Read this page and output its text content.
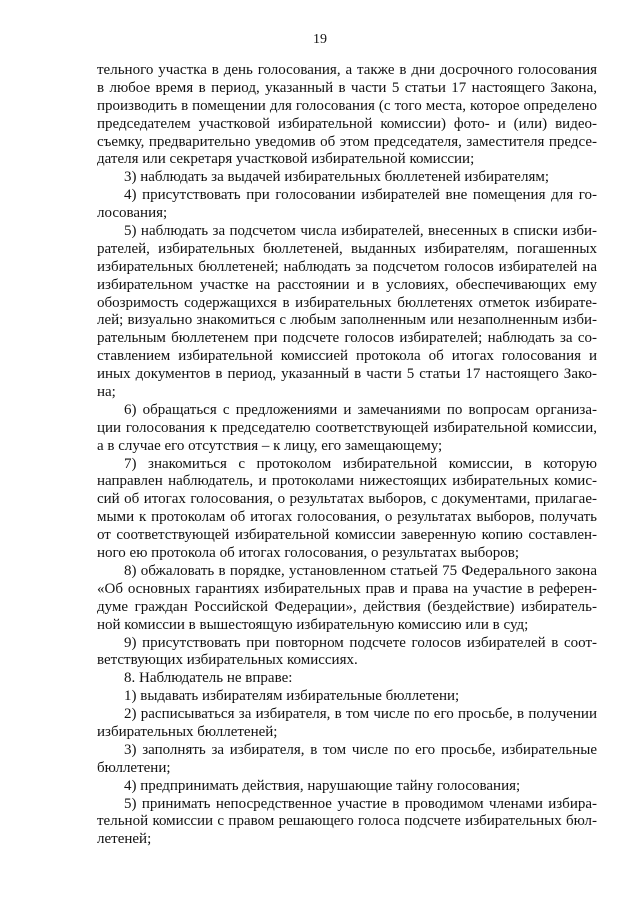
19
тельного участка в день голосования, а также в дни досрочного голосования
в любое время в период, указанный в части 5 статьи 17 настоящего Закона,
производить в помещении для голосования (с того места, которое определено
председателем участковой избирательной комиссии) фото- и (или) видео-
съемку, предварительно уведомив об этом председателя, заместителя предсе-
дателя или секретаря участковой избирательной комиссии;
3) наблюдать за выдачей избирательных бюллетеней избирателям;
4) присутствовать при голосовании избирателей вне помещения для го-
лосования;
5) наблюдать за подсчетом числа избирателей, внесенных в списки изби-
рателей, избирательных бюллетеней, выданных избирателям, погашенных
избирательных бюллетеней; наблюдать за подсчетом голосов избирателей на
избирательном участке на расстоянии и в условиях, обеспечивающих ему
обозримость содержащихся в избирательных бюллетенях отметок избирате-
лей; визуально знакомиться с любым заполненным или незаполненным изби-
рательным бюллетенем при подсчете голосов избирателей; наблюдать за со-
ставлением избирательной комиссией протокола об итогах голосования и
иных документов в период, указанный в части 5 статьи 17 настоящего Зако-
на;
6) обращаться с предложениями и замечаниями по вопросам организа-
ции голосования к председателю соответствующей избирательной комиссии,
а в случае его отсутствия – к лицу, его замещающему;
7) знакомиться с протоколом избирательной комиссии, в которую
направлен наблюдатель, и протоколами нижестоящих избирательных комис-
сий об итогах голосования, о результатах выборов, с документами, прилагае-
мыми к протоколам об итогах голосования, о результатах выборов, получать
от соответствующей избирательной комиссии заверенную копию составлен-
ного ею протокола об итогах голосования, о результатах выборов;
8) обжаловать в порядке, установленном статьей 75 Федерального закона
«Об основных гарантиях избирательных прав и права на участие в референ-
думе граждан Российской Федерации», действия (бездействие) избиратель-
ной комиссии в вышестоящую избирательную комиссию или в суд;
9) присутствовать при повторном подсчете голосов избирателей в соот-
ветствующих избирательных комиссиях.
8. Наблюдатель не вправе:
1) выдавать избирателям избирательные бюллетени;
2) расписываться за избирателя, в том числе по его просьбе, в получении
избирательных бюллетеней;
3) заполнять за избирателя, в том числе по его просьбе, избирательные
бюллетени;
4) предпринимать действия, нарушающие тайну голосования;
5) принимать непосредственное участие в проводимом членами избира-
тельной комиссии с правом решающего голоса подсчете избирательных бюл-
летеней;
